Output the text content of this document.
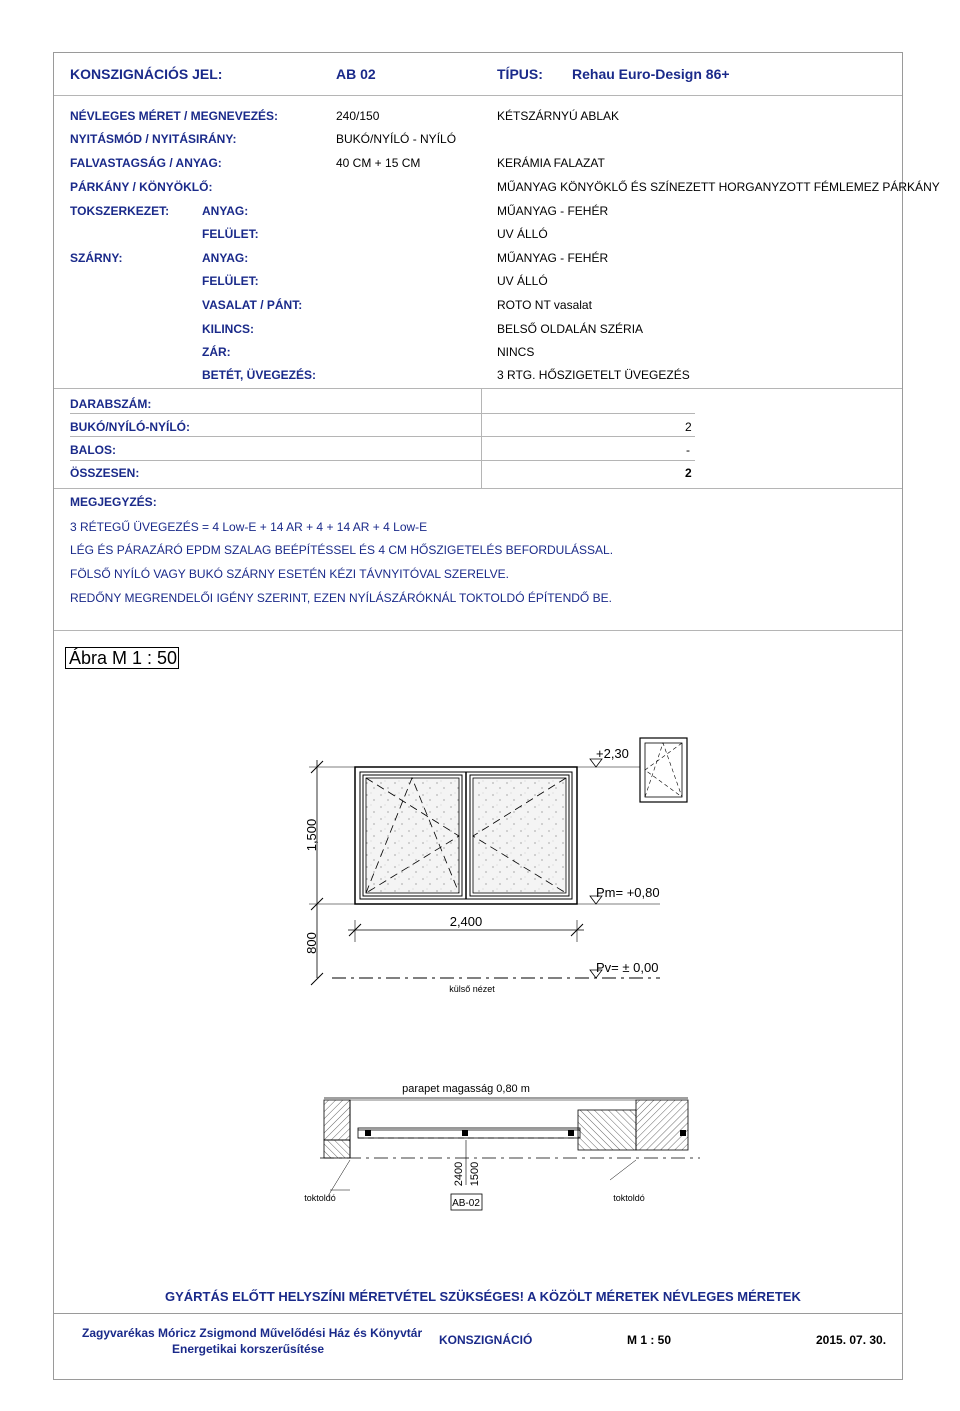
KONSZIGNÁCIÓS JEL:	AB 02	TÍPUS: Rehau Euro-Design 86+
NÉVLEGES MÉRET / MEGNEVEZÉS:	240/150	KÉTSZÁRNYÚ ABLAK
NYITÁSMÓD / NYITÁSIRÁNY:	BUKÓ/NYÍLÓ - NYÍLÓ
FALVASTAGSÁG / ANYAG:	40 CM + 15 CM	KERÁMIA FALAZAT
PÁRKÁNY / KÖNYÖKLŐ:	MŰANYAG KÖNYÖKLŐ ÉS SZÍNEZETT HORGANYZOTT FÉMLEMEZ PÁRKÁNY
TOKSZERKEZET:	ANYAG:	MŰANYAG - FEHÉR
FELÜLET:	UV ÁLLÓ
SZÁRNY:	ANYAG:	MŰANYAG - FEHÉR
FELÜLET:	UV ÁLLÓ
VASALAT / PÁNT:	ROTO NT vasalat
KILINCS:	BELSŐ OLDALÁN SZÉRIA
ZÁR:	NINCS
BETÉT, ÜVEGEZÉS:	3 RTG. HŐSZIGETELT ÜVEGEZÉS
DARABSZÁM:
BUKÓ/NYÍLÓ-NYÍLÓ:	2
BALOS:	-
ÖSSZESEN:	2
MEGJEGYZÉS:
3 RÉTEGŰ ÜVEGEZÉS = 4 Low-E + 14 AR + 4 + 14 AR + 4 Low-E
LÉG ÉS PÁRAZÁRÓ EPDM SZALAG BEÉPÍTÉSSEL ÉS 4 CM HŐSZIGETELÉS BEFORDULÁSSAL.
FÖLSŐ NYÍLÓ VAGY BUKÓ SZÁRNY ESETÉN KÉZI TÁVNYITÓVAL SZERELVE.
REDŐNY MEGRENDELŐI IGÉNY SZERINT, EZEN NYÍLÁSZÁRÓKNÁL TOKTOLDÓ ÉPÍTENDŐ BE.
Ábra M 1 : 50
+2,30
1,500
800
2,400
Pm= +0,80
Pv= ± 0,00
külső nézet
parapet magasság 0,80 m
2400 1500
toktoldó	toktoldó
AB-02
GYÁRTÁS ELŐTT HELYSZÍNI MÉRETVÉTEL SZÜKSÉGES! A KÖZÖLT MÉRETEK NÉVLEGES MÉRETEK
Zagyvarékas Móricz Zsigmond Művelődési Ház és Könyvtár
Energetikai korszerűsítése
KONSZIGNÁCIÓ	M 1 : 50	2015. 07. 30.
